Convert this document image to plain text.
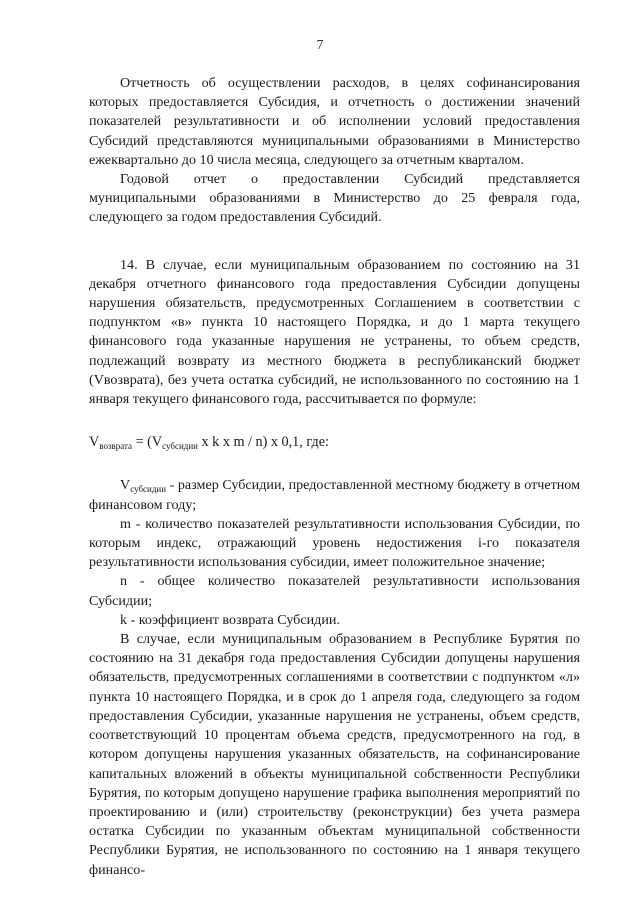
7

Отчетность об осуществлении расходов, в целях софинансирования которых предоставляется Субсидия, и отчетность о достижении значений показателей результативности и об исполнении условий предоставления Субсидий представляются муниципальными образованиями в Министерство ежеквартально до 10 числа месяца, следующего за отчетным кварталом.

Годовой отчет о предоставлении Субсидий представляется муниципальными образованиями в Министерство до 25 февраля года, следующего за годом предоставления Субсидий.

14. В случае, если муниципальным образованием по состоянию на 31 декабря отчетного финансового года предоставления Субсидии допущены нарушения обязательств, предусмотренных Соглашением в соответствии с подпунктом «в» пункта 10 настоящего Порядка, и до 1 марта текущего финансового года указанные нарушения не устранены, то объем средств, подлежащий возврату из местного бюджета в республиканский бюджет (Vвозврата), без учета остатка субсидий, не использованного по состоянию на 1 января текущего финансового года, рассчитывается по формуле:

$V_{возврата} = (V_{субсидии}$ x k x m / n) x 0,1, где:

$V_{субсидии}$ - размер Субсидии, предоставленной местному бюджету в отчетном финансовом году;

m - количество показателей результативности использования Субсидии, по которым индекс, отражающий уровень недостижения i-го показателя результативности использования субсидии, имеет положительное значение;

n - общее количество показателей результативности использования Субсидии;

k - коэффициент возврата Субсидии.

В случае, если муниципальным образованием в Республике Бурятия по состоянию на 31 декабря года предоставления Субсидии допущены нарушения обязательств, предусмотренных соглашениями в соответствии с подпунктом «л» пункта 10 настоящего Порядка, и в срок до 1 апреля года, следующего за годом предоставления Субсидии, указанные нарушения не устранены, объем средств, соответствующий 10 процентам объема средств, предусмотренного на год, в котором допущены нарушения указанных обязательств, на софинансирование капитальных вложений в объекты муниципальной собственности Республики Бурятия, по которым допущено нарушение графика выполнения мероприятий по проектированию и (или) строительству (реконструкции) без учета размера остатка Субсидии по указанным объектам муниципальной собственности Республики Бурятия, не использованного по состоянию на 1 января текущего финансо-
